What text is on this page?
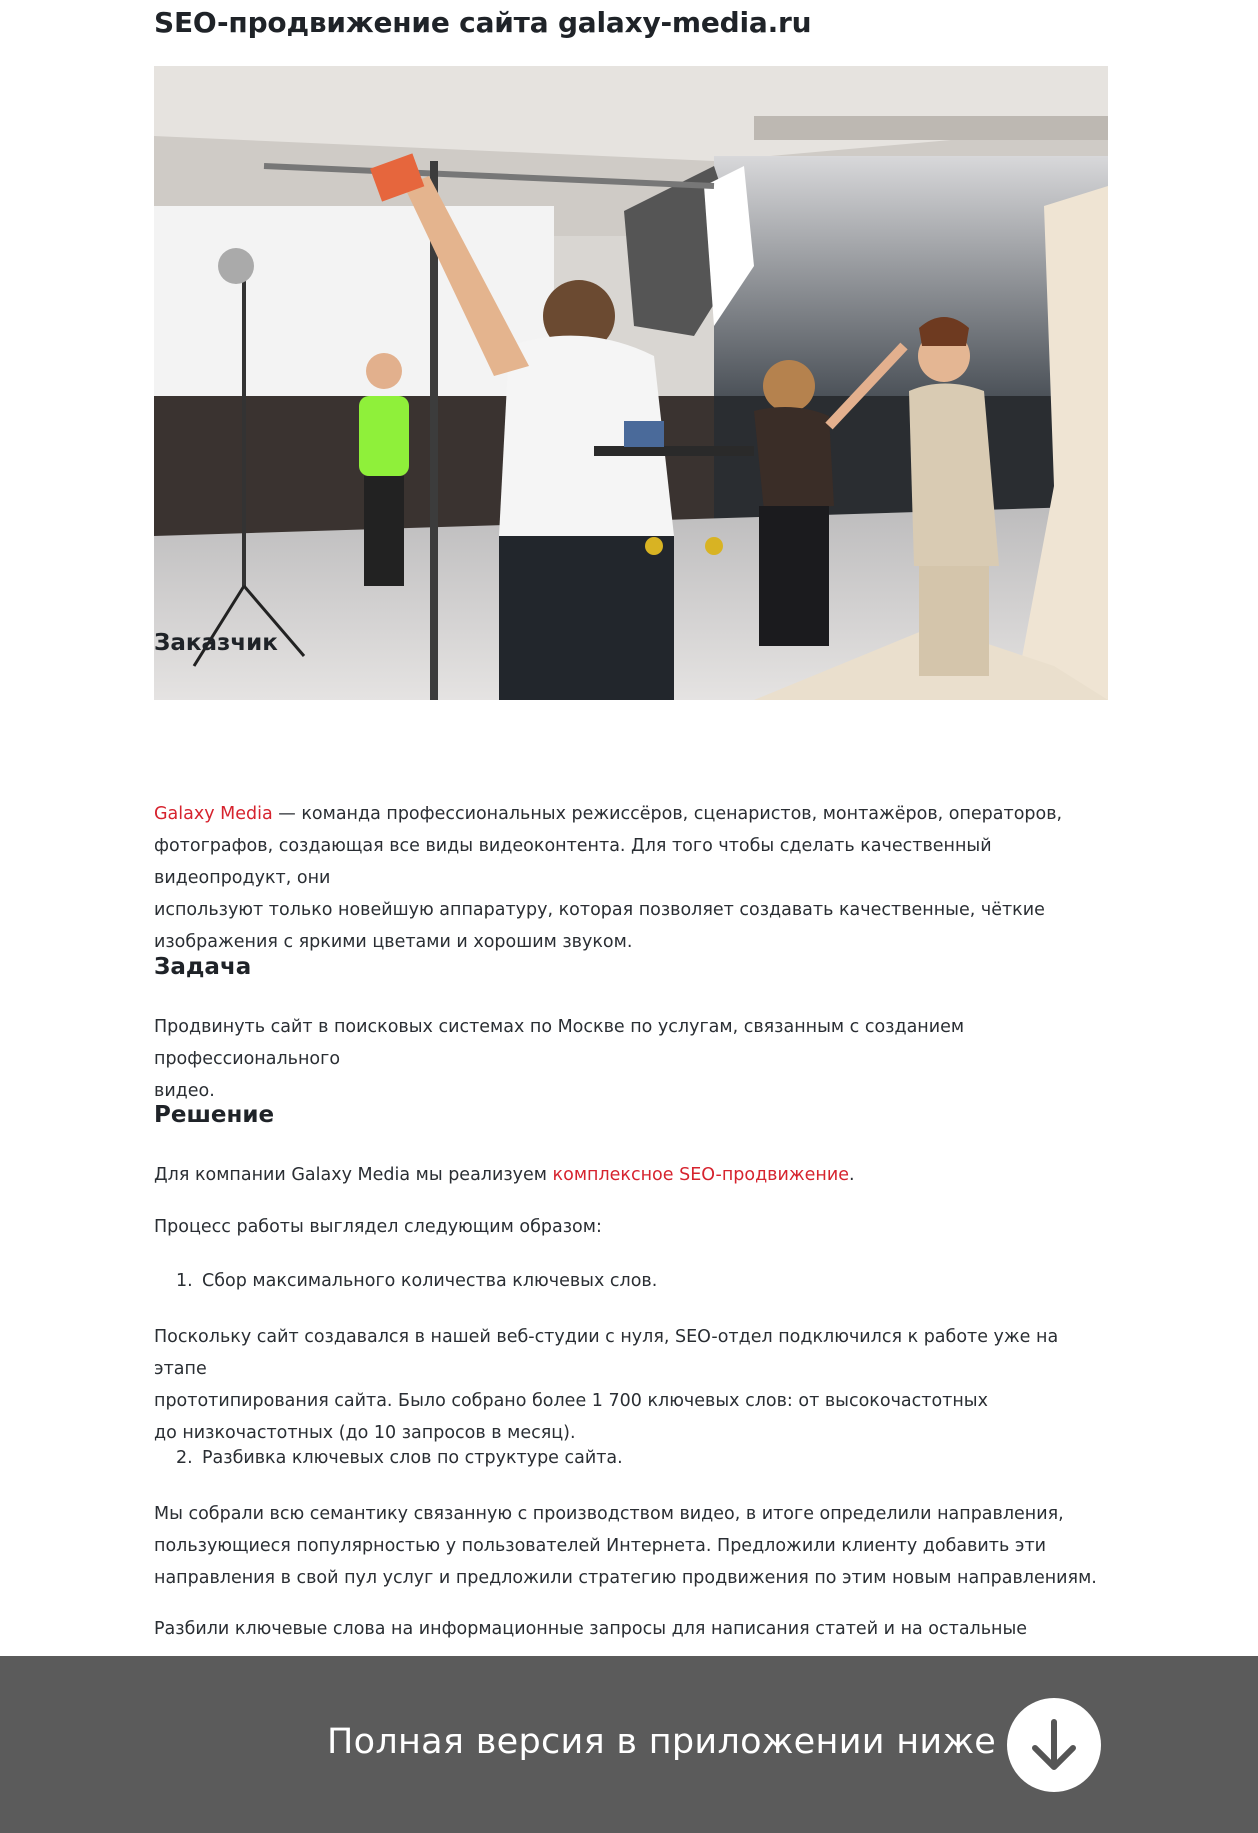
SEO-продвижение сайта galaxy-media.ru
Заказчик

Galaxy Media — команда профессиональных режиссёров, сценаристов, монтажёров, операторов,
фотографов, создающая все виды видеоконтента. Для того чтобы сделать качественный видеопродукт, они
используют только новейшую аппаратуру, которая позволяет создавать качественные, чёткие
изображения с яркими цветами и хорошим звуком.

Задача

Продвинуть сайт в поисковых системах по Москве по услугам, связанным с созданием профессионального
видео.

Решение

Для компании Galaxy Media мы реализуем комплексное SEO-продвижение.

Процесс работы выглядел следующим образом:

1. Сбор максимального количества ключевых слов.

Поскольку сайт создавался в нашей веб-студии с нуля, SEO-отдел подключился к работе уже на этапе
прототипирования сайта. Было собрано более 1 700 ключевых слов: от высокочастотных
до низкочастотных (до 10 запросов в месяц).

2. Разбивка ключевых слов по структуре сайта.

Мы собрали всю семантику связанную с производством видео, в итоге определили направления,
пользующиеся популярностью у пользователей Интернета. Предложили клиенту добавить эти
направления в свой пул услуг и предложили стратегию продвижения по этим новым направлениям.

Разбили ключевые слова на информационные запросы для написания статей и на остальные

Полная версия в приложении ниже
